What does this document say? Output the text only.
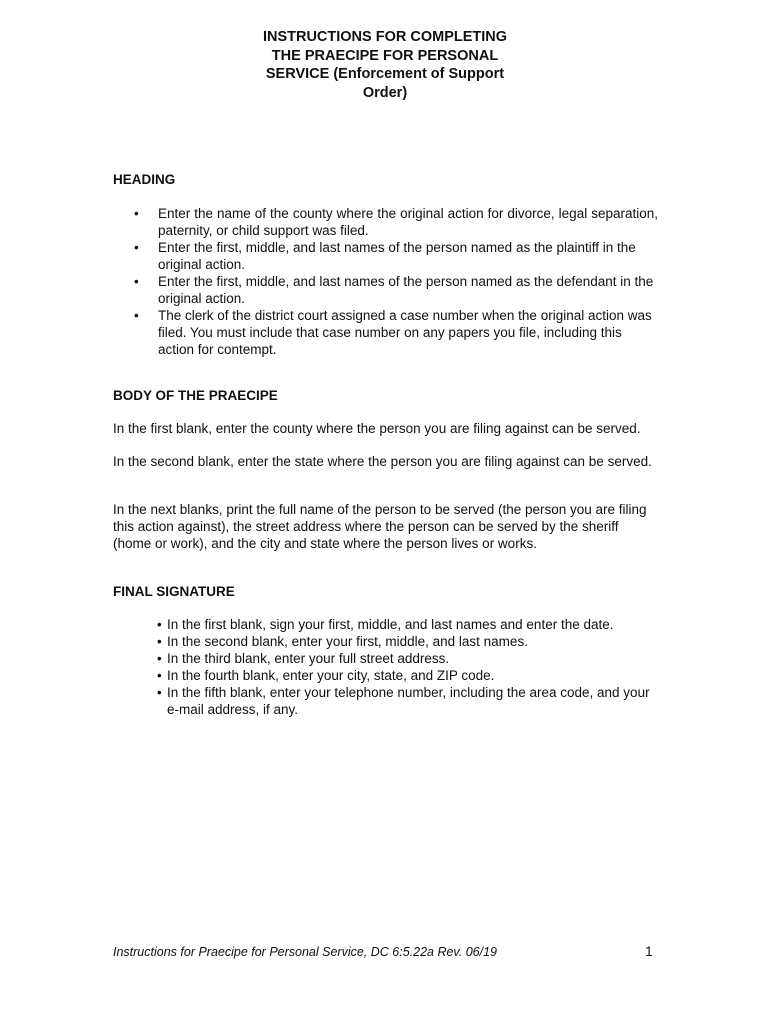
INSTRUCTIONS FOR COMPLETING
THE PRAECIPE FOR PERSONAL
SERVICE (Enforcement of Support
Order)
HEADING
• Enter the name of the county where the original action for divorce, legal separation, paternity, or child support was filed.
• Enter the first, middle, and last names of the person named as the plaintiff in the original action.
• Enter the first, middle, and last names of the person named as the defendant in the original action.
• The clerk of the district court assigned a case number when the original action was filed. You must include that case number on any papers you file, including this action for contempt.
BODY OF THE PRAECIPE

In the first blank, enter the county where the person you are filing against can be served.

In the second blank, enter the state where the person you are filing against can be served.

In the next blanks, print the full name of the person to be served (the person you are filing this action against), the street address where the person can be served by the sheriff (home or work), and the city and state where the person lives or works.

FINAL SIGNATURE
• In the first blank, sign your first, middle, and last names and enter the date.
• In the second blank, enter your first, middle, and last names.
• In the third blank, enter your full street address.
• In the fourth blank, enter your city, state, and ZIP code.
• In the fifth blank, enter your telephone number, including the area code, and your e-mail address, if any.
Instructions for Praecipe for Personal Service, DC 6:5.22a Rev. 06/19	1
